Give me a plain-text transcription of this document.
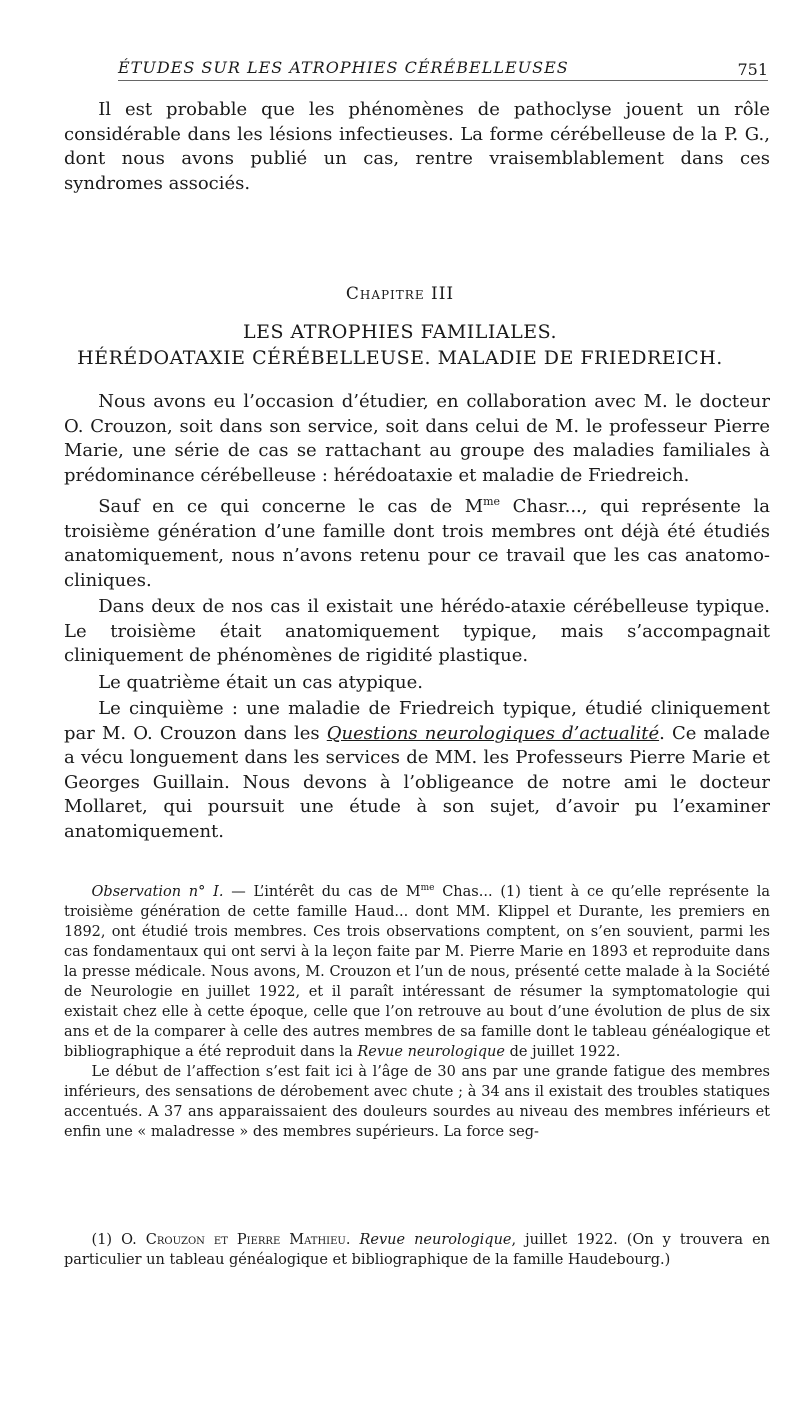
ÉTUDES SUR LES ATROPHIES CÉRÉBELLEUSES	751

Il est probable que les phénomènes de pathoclyse jouent un rôle considérable dans les lésions infectieuses. La forme cérébelleuse de la P. G., dont nous avons publié un cas, rentre vraisemblablement dans ces syndromes associés.

Chapitre III
LES ATROPHIES FAMILIALES.
HÉRÉDOATAXIE CÉRÉBELLEUSE. MALADIE DE FRIEDREICH.

Nous avons eu l’occasion d’étudier, en collaboration avec M. le docteur O. Crouzon, soit dans son service, soit dans celui de M. le professeur Pierre Marie, une série de cas se rattachant au groupe des maladies familiales à prédominance cérébelleuse : hérédoataxie et maladie de Friedreich.

Sauf en ce qui concerne le cas de $M^{me}$ Chasr..., qui représente la troisième génération d’une famille dont trois membres ont déjà été étudiés anatomiquement, nous n’avons retenu pour ce travail que les cas anatomo-cliniques.

Dans deux de nos cas il existait une hérédo-ataxie cérébelleuse typique. Le troisième était anatomiquement typique, mais s’accompagnait cliniquement de phénomènes de rigidité plastique.

Le quatrième était un cas atypique.

Le cinquième : une maladie de Friedreich typique, étudié cliniquement par M. O. Crouzon dans les Questions neurologiques d’actualité. Ce malade a vécu longuement dans les services de MM. les Professeurs Pierre Marie et Georges Guillain. Nous devons à l’obligeance de notre ami le docteur Mollaret, qui poursuit une étude à son sujet, d’avoir pu l’examiner anatomiquement.

Observation n° I. — L’intérêt du cas de $M^{me}$ Chas... (1) tient à ce qu’elle représente la troisième génération de cette famille Haud... dont MM. Klippel et Durante, les premiers en 1892, ont étudié trois membres. Ces trois observations comptent, on s’en souvient, parmi les cas fondamentaux qui ont servi à la leçon faite par M. Pierre Marie en 1893 et reproduite dans la presse médicale. Nous avons, M. Crouzon et l’un de nous, présenté cette malade à la Société de Neurologie en juillet 1922, et il paraît intéressant de résumer la symptomatologie qui existait chez elle à cette époque, celle que l’on retrouve au bout d’une évolution de plus de six ans et de la comparer à celle des autres membres de sa famille dont le tableau généalogique et bibliographique a été reproduit dans la Revue neurologique de juillet 1922.

Le début de l’affection s’est fait ici à l’âge de 30 ans par une grande fatigue des membres inférieurs, des sensations de dérobement avec chute ; à 34 ans il existait des troubles statiques accentués. A 37 ans apparaissaient des douleurs sourdes au niveau des membres inférieurs et enfin une « maladresse » des membres supérieurs. La force seg-

(1) O. Crouzon et Pierre Mathieu. Revue neurologique, juillet 1922. (On y trouvera en particulier un tableau généalogique et bibliographique de la famille Haudebourg.)
